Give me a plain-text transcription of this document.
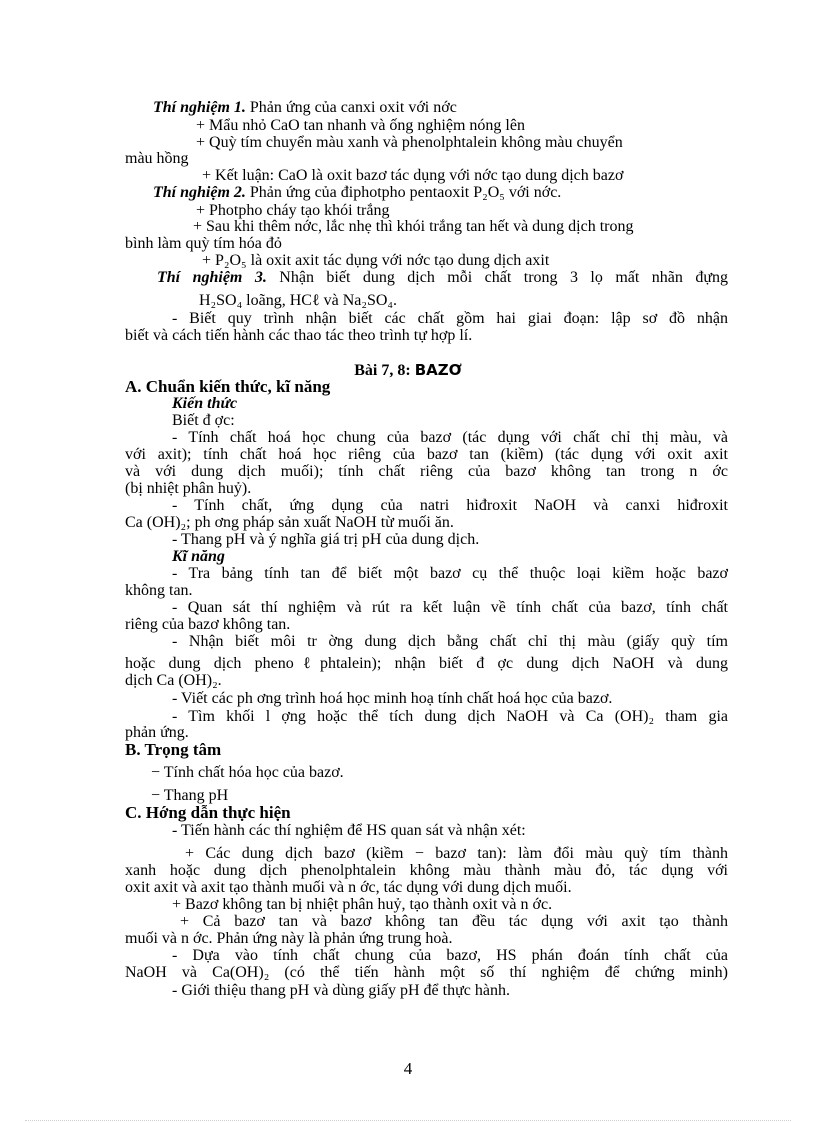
Thí nghiệm 1. Phản ứng của canxi oxit với nớc
+ Mẩu nhỏ CaO tan nhanh và ống nghiệm nóng lên
+ Quỳ tím chuyển màu xanh và phenolphtalein không màu chuyển
màu hồng
+ Kết luận: CaO là oxit bazơ tác dụng với nớc tạo dung dịch bazơ
Thí nghiệm 2. Phản ứng của điphotpho pentaoxit P₂O₅ với nớc.
+ Photpho cháy tạo khói trắng
+ Sau khi thêm nớc, lắc nhẹ thì khói trắng tan hết và dung dịch trong
bình làm quỳ tím hóa đỏ
+ P₂O₅ là oxit axit tác dụng với nớc tạo dung dịch axit
Thí nghiệm 3. Nhận biết dung dịch mỗi chất trong 3 lọ mất nhãn đựng
H₂SO₄ loãng, HCℓ và Na₂SO₄.
- Biết quy trình nhận biết các chất gồm hai giai đoạn: lập sơ đồ nhận
biết và cách tiến hành các thao tác theo trình tự hợp lí.
Bài 7, 8: BAZƠ
A. Chuẩn kiến thức, kĩ năng
Kiến thức
Biết đ ợc:
- Tính chất hoá học chung của bazơ (tác dụng với chất chỉ thị màu, và
với axit); tính chất hoá học riêng của bazơ tan (kiềm) (tác dụng với oxit axit
và với dung dịch muối); tính chất riêng của bazơ không tan trong n ớc
(bị nhiệt phân huỷ).
- Tính chất, ứng dụng của natri hiđroxit NaOH và canxi hiđroxit
Ca (OH)₂; ph ơng pháp sản xuất NaOH từ muối ăn.
- Thang pH và ý nghĩa giá trị pH của dung dịch.
Kĩ năng
- Tra bảng tính tan để biết một bazơ cụ thể thuộc loại kiềm hoặc bazơ
không tan.
- Quan sát thí nghiệm và rút ra kết luận về tính chất của bazơ, tính chất
riêng của bazơ không tan.
- Nhận biết môi tr ờng dung dịch bằng chất chỉ thị màu (giấy quỳ tím
hoặc dung dịch phenoℓphtalein); nhận biết đ ợc dung dịch NaOH và dung
dịch Ca (OH)₂.
- Viết các ph ơng trình hoá học minh hoạ tính chất hoá học của bazơ.
- Tìm khối l ợng hoặc thể tích dung dịch NaOH và Ca (OH)₂ tham gia
phản ứng.
B. Trọng tâm
− Tính chất hóa học của bazơ.
− Thang pH
C. Hớng dẫn thực hiện
- Tiến hành các thí nghiệm để HS quan sát và nhận xét:
+ Các dung dịch bazơ (kiềm − bazơ tan): làm đổi màu quỳ tím thành
xanh hoặc dung dịch phenolphtalein không màu thành màu đỏ, tác dụng với
oxit axit và axit tạo thành muối và n ớc, tác dụng với dung dịch muối.
+ Bazơ không tan bị nhiệt phân huỷ, tạo thành oxit và n ớc.
+ Cả bazơ tan và bazơ không tan đều tác dụng với axit tạo thành
muối và n ớc. Phản ứng này là phản ứng trung hoà.
- Dựa vào tính chất chung của bazơ, HS phán đoán tính chất của
NaOH và Ca(OH)₂ (có thể tiến hành một số thí nghiệm để chứng minh)
- Giới thiệu thang pH và dùng giấy pH để thực hành.
4
